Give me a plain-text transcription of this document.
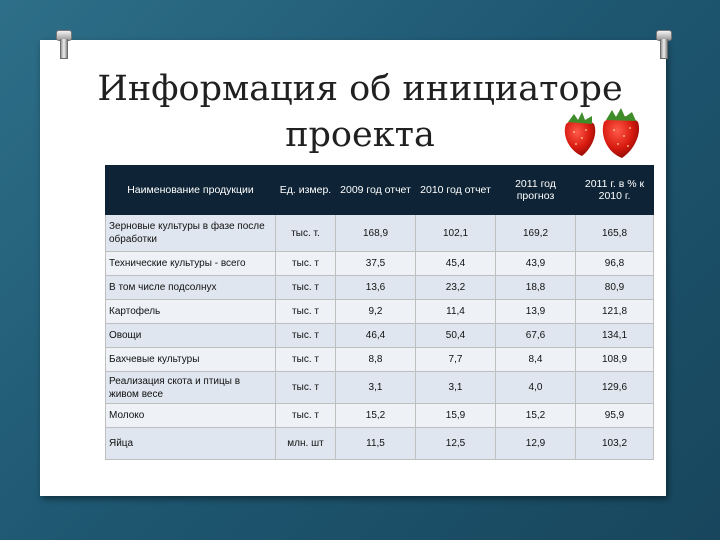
Информация об инициаторе
проекта
Наименование продукции	Ед. измер.	2009 год отчет	2010 год отчет	2011 год прогноз	2011 г. в % к 2010 г.
Зерновые культуры в фазе после обработки	тыс. т.	168,9	102,1	169,2	165,8
Технические культуры - всего	тыс. т	37,5	45,4	43,9	96,8
В том числе подсолнух	тыс. т	13,6	23,2	18,8	80,9
Картофель	тыс. т	9,2	11,4	13,9	121,8
Овощи	тыс. т	46,4	50,4	67,6	134,1
Бахчевые культуры	тыс. т	8,8	7,7	8,4	108,9
Реализация скота и птицы в живом весе	тыс. т	3,1	3,1	4,0	129,6
Молоко	тыс. т	15,2	15,9	15,2	95,9
Яйца	млн. шт	11,5	12,5	12,9	103,2
